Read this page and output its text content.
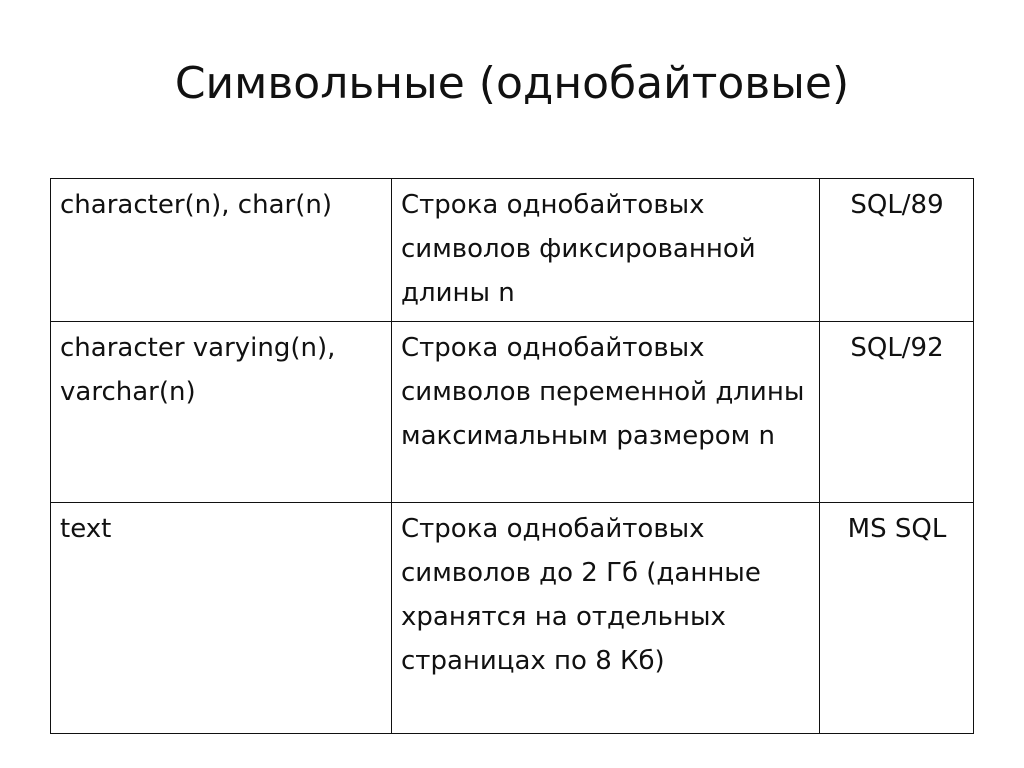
Символьные (однобайтовые)
character(n), char(n)	Строка однобайтовых символов фиксированной длины n	SQL/89
character varying(n), varchar(n)	Строка однобайтовых символов переменной длины максимальным размером n	SQL/92
text	Строка однобайтовых символов до 2 Гб (данные хранятся на отдельных страницах по 8 Кб)	MS SQL
